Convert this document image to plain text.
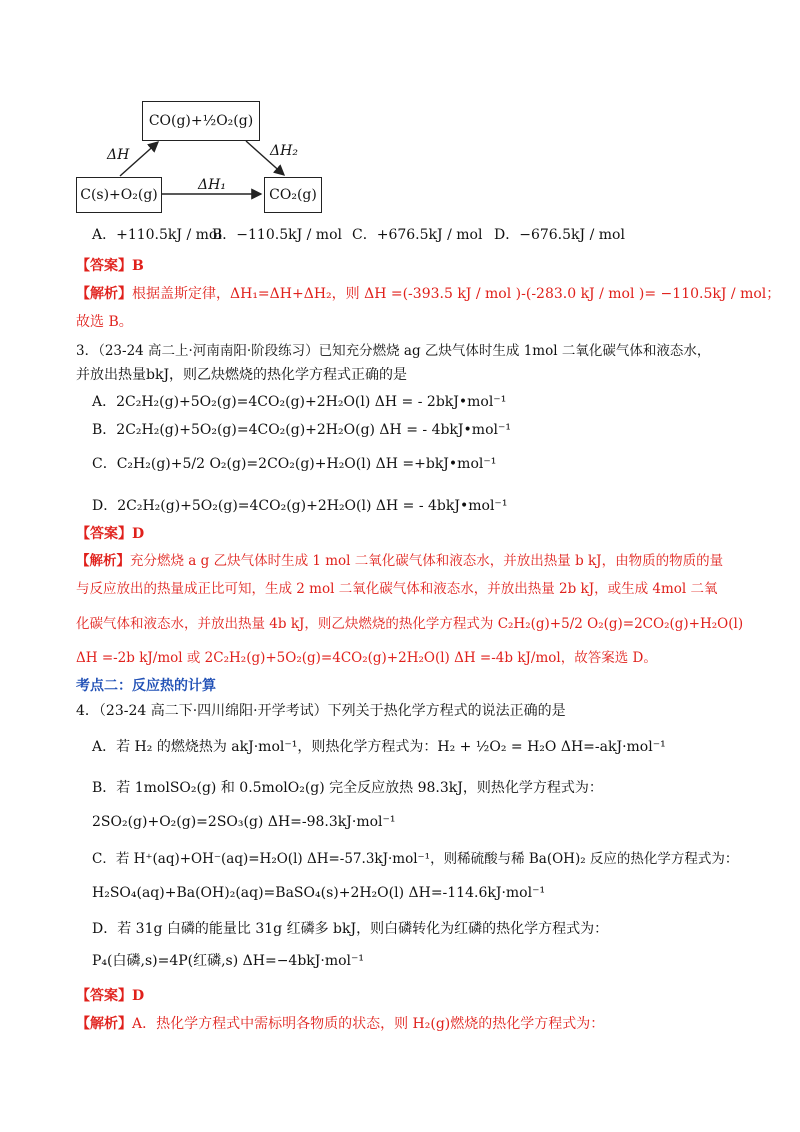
CO(g)+½O₂(g)
C(s)+O₂(g)	CO₂(g)
ΔH	ΔH₂
ΔH₁
A．+110.5kJ / mol
B．−110.5kJ / mol C．+676.5kJ / mol D．−676.5kJ / mol
【答案】B
【解析】根据盖斯定律，ΔH₁=ΔH+ΔH₂，则 ΔH =(-393.5 kJ / mol )-(-283.0 kJ / mol )= −110.5kJ / mol；
故选 B。
3．（23-24 高二上·河南南阳·阶段练习）已知充分燃烧 ag 乙炔气体时生成 1mol 二氧化碳气体和液态水，
并放出热量bkJ，则乙炔燃烧的热化学方程式正确的是
A．2C₂H₂(g)+5O₂(g)=4CO₂(g)+2H₂O(l) ΔH = - 2bkJ•mol⁻¹
B．2C₂H₂(g)+5O₂(g)=4CO₂(g)+2H₂O(g) ΔH = - 4bkJ•mol⁻¹
C．C₂H₂(g)+5/2 O₂(g)=2CO₂(g)+H₂O(l) ΔH =+bkJ•mol⁻¹
D．2C₂H₂(g)+5O₂(g)=4CO₂(g)+2H₂O(l) ΔH = - 4bkJ•mol⁻¹
【答案】D
【解析】充分燃烧 a g 乙炔气体时生成 1 mol 二氧化碳气体和液态水，并放出热量 b kJ，由物质的物质的量
与反应放出的热量成正比可知，生成 2 mol 二氧化碳气体和液态水，并放出热量 2b kJ，或生成 4mol 二氧
化碳气体和液态水，并放出热量 4b kJ，则乙炔燃烧的热化学方程式为 C₂H₂(g)+5/2 O₂(g)=2CO₂(g)+H₂O(l)
ΔH =-2b kJ/mol 或 2C₂H₂(g)+5O₂(g)=4CO₂(g)+2H₂O(l) ΔH =-4b kJ/mol，故答案选 D。
考点二：反应热的计算
4．（23-24 高二下·四川绵阳·开学考试）下列关于热化学方程式的说法正确的是
A．若 H₂ 的燃烧热为 akJ·mol⁻¹，则热化学方程式为：H₂ + ½O₂ = H₂O ΔH=-akJ·mol⁻¹
B．若 1molSO₂(g) 和 0.5molO₂(g) 完全反应放热 98.3kJ，则热化学方程式为：
2SO₂(g)+O₂(g)=2SO₃(g) ΔH=-98.3kJ·mol⁻¹
C．若 H⁺(aq)+OH⁻(aq)=H₂O(l) ΔH=-57.3kJ·mol⁻¹，则稀硫酸与稀 Ba(OH)₂ 反应的热化学方程式为：
H₂SO₄(aq)+Ba(OH)₂(aq)=BaSO₄(s)+2H₂O(l) ΔH=-114.6kJ·mol⁻¹
D．若 31g 白磷的能量比 31g 红磷多 bkJ，则白磷转化为红磷的热化学方程式为：
P₄(白磷,s)=4P(红磷,s) ΔH=−4bkJ·mol⁻¹
【答案】D
【解析】A．热化学方程式中需标明各物质的状态，则 H₂(g)燃烧的热化学方程式为：
